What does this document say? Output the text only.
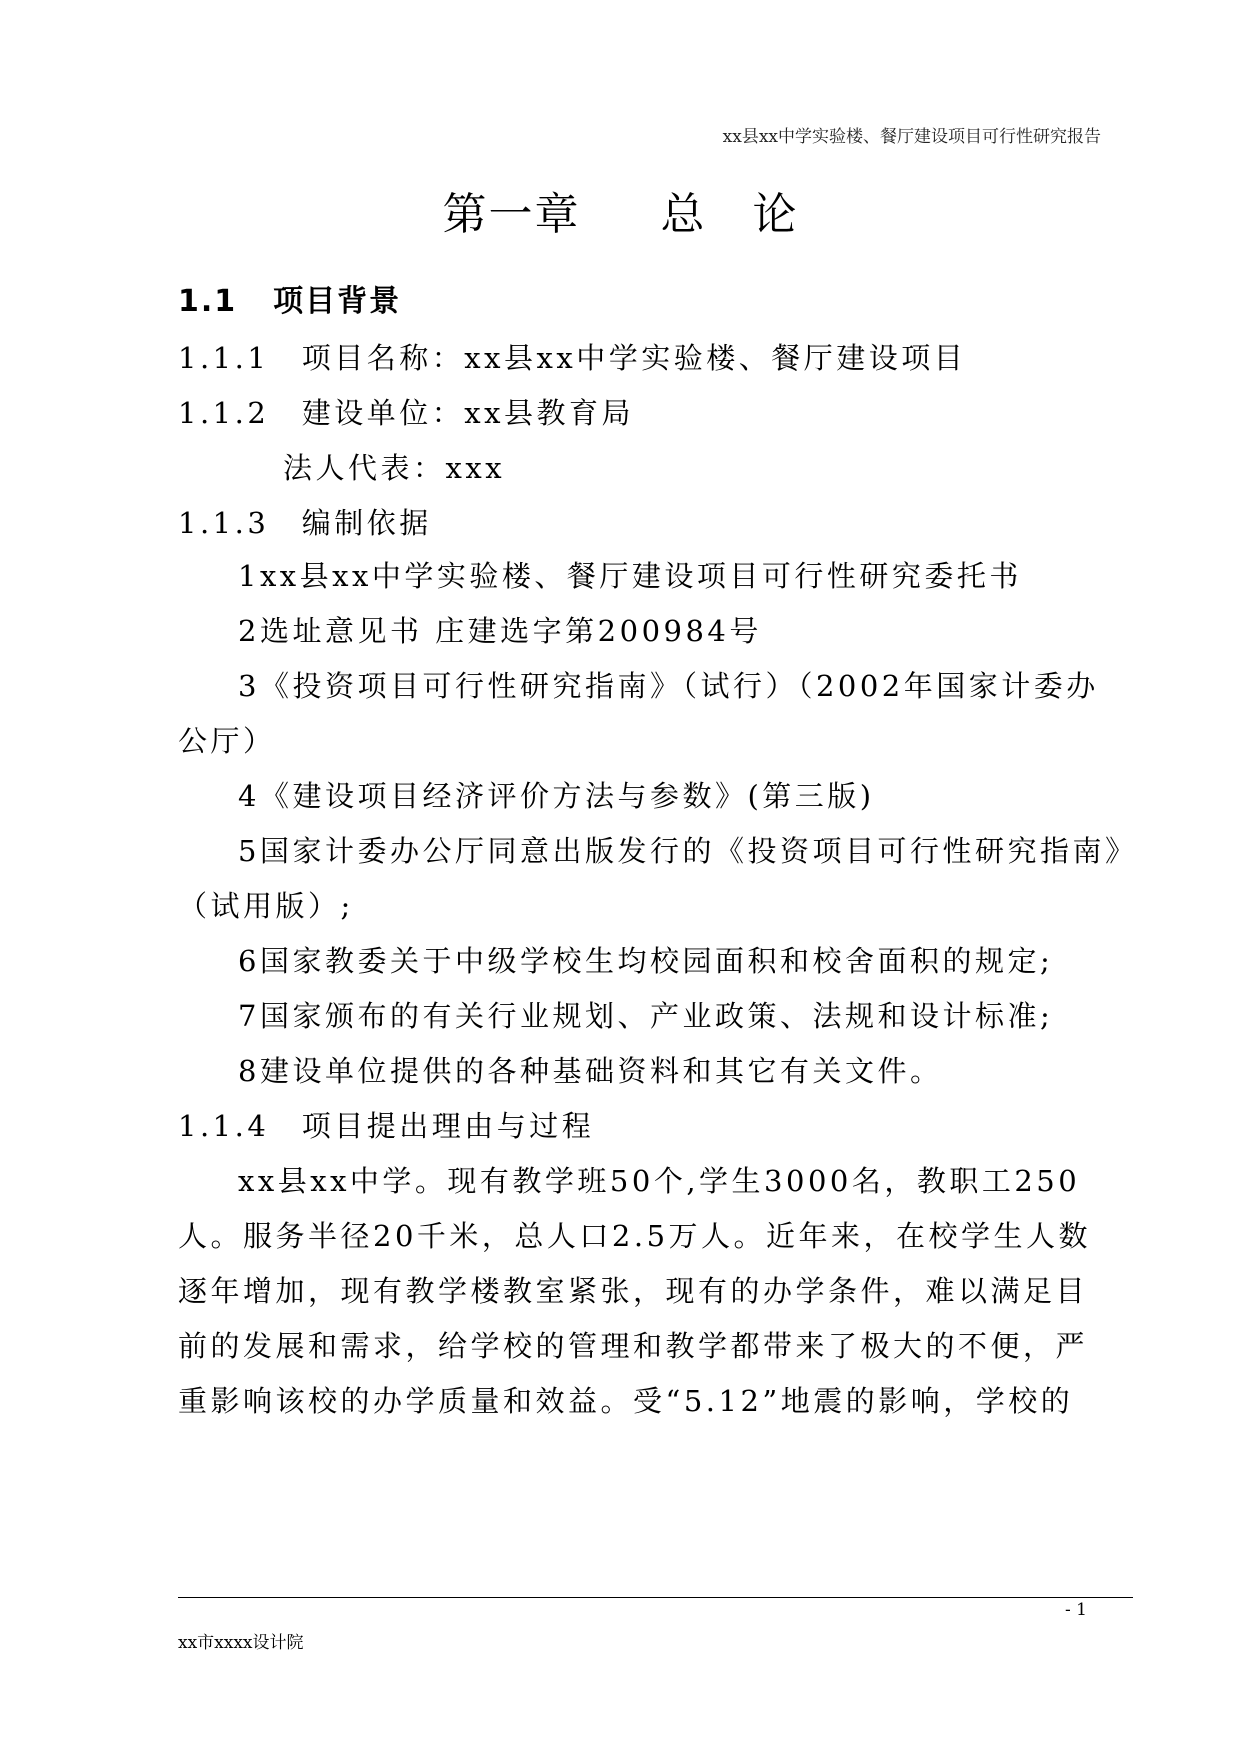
xx县xx中学实验楼、餐厅建设项目可行性研究报告
第一章 总　论
1.1 项目背景
1.1.1　项目名称：xx县xx中学实验楼、餐厅建设项目
1.1.2　建设单位：xx县教育局
法人代表：xxx
1.1.3　编制依据
1xx县xx中学实验楼、餐厅建设项目可行性研究委托书
2选址意见书 庄建选字第200984号
3《投资项目可行性研究指南》（试行）（2002年国家计委办
公厅）
4《建设项目经济评价方法与参数》(第三版)
5国家计委办公厅同意出版发行的《投资项目可行性研究指南》
（试用版）;
6国家教委关于中级学校生均校园面积和校舍面积的规定;
7国家颁布的有关行业规划、产业政策、法规和设计标准;
8建设单位提供的各种基础资料和其它有关文件。
1.1.4　项目提出理由与过程
xx县xx中学。现有教学班50个,学生3000名，教职工250
人。服务半径20千米，总人口2.5万人。近年来，在校学生人数
逐年增加，现有教学楼教室紧张，现有的办学条件，难以满足目
前的发展和需求，给学校的管理和教学都带来了极大的不便，严
重影响该校的办学质量和效益。受“5.12”地震的影响，学校的
- 1
xx市xxxx设计院
